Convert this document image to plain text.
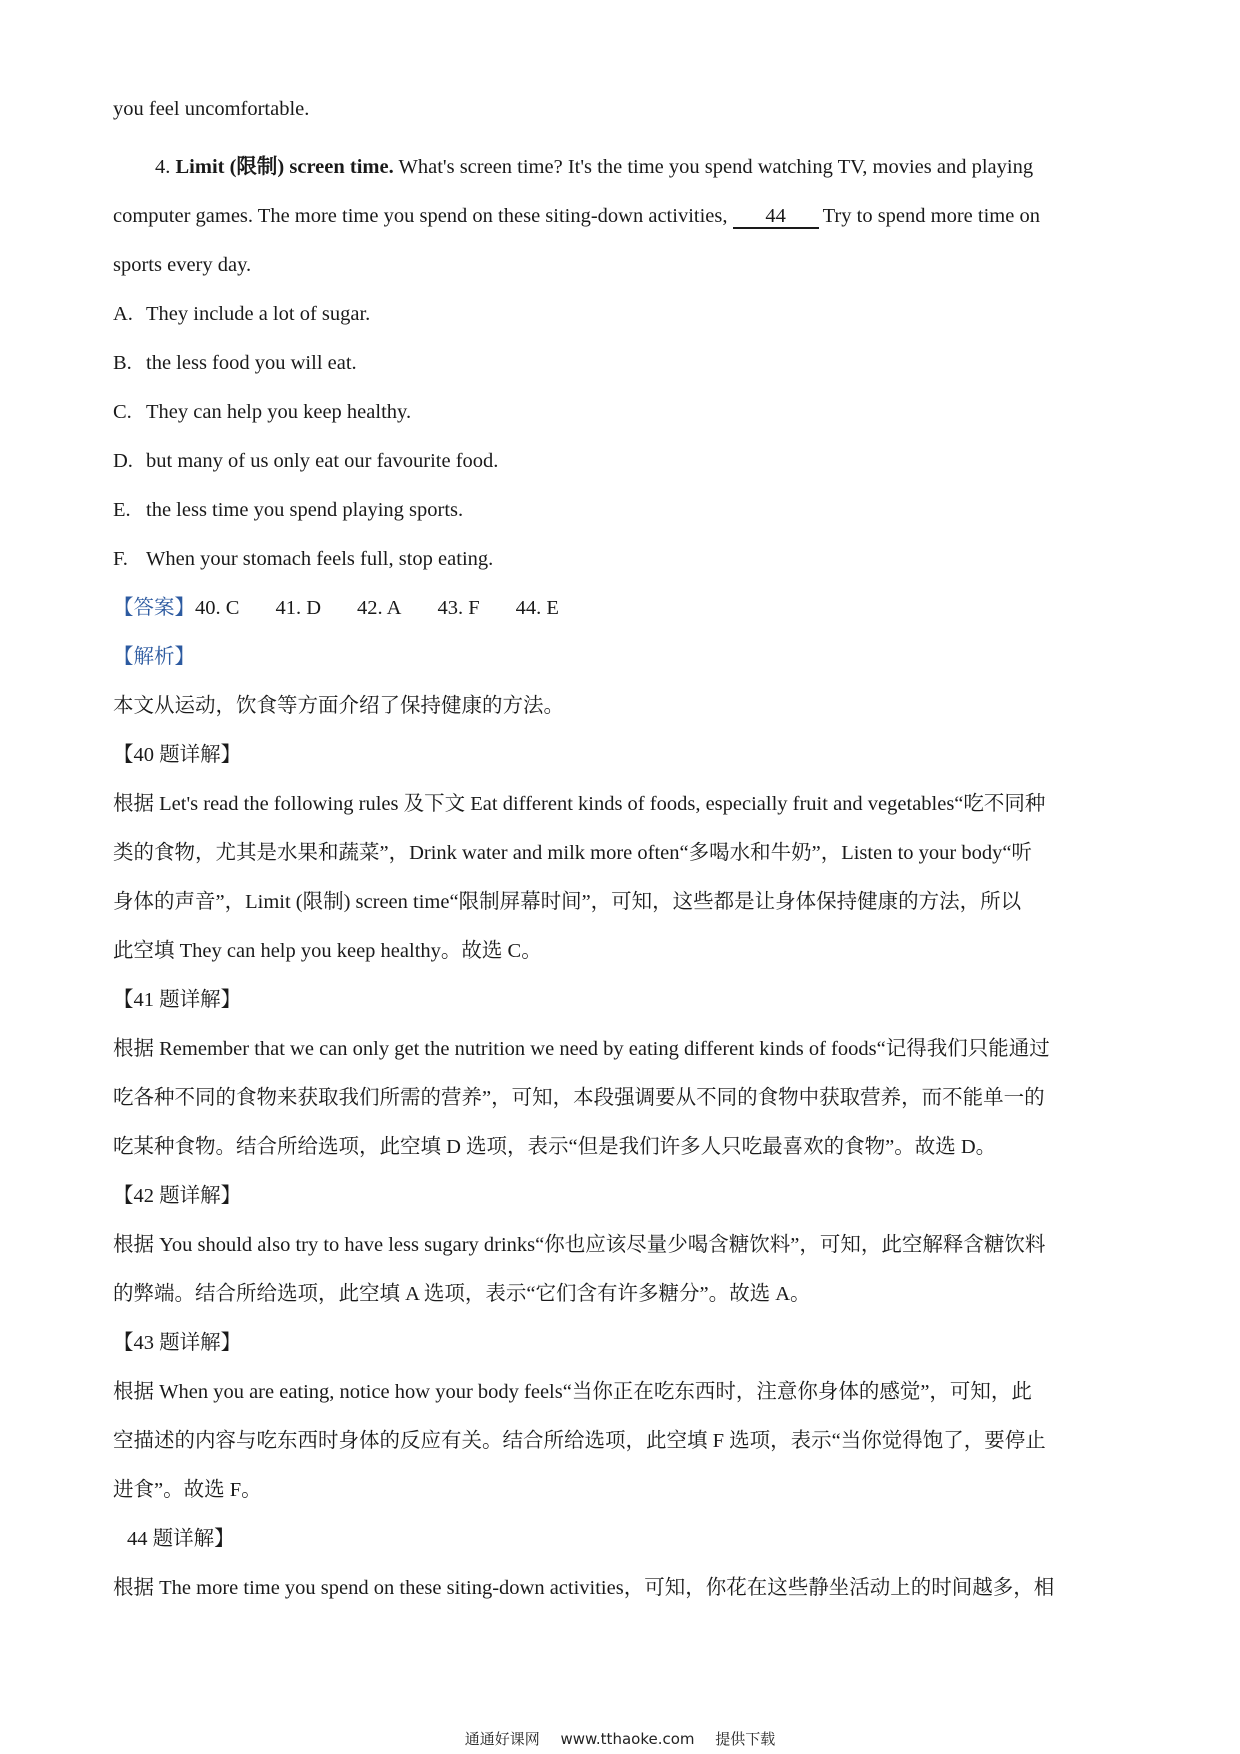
you feel uncomfortable.
4. Limit (限制) screen time. What's screen time? It's the time you spend watching TV, movies and playing
computer games. The more time you spend on these siting-down activities, 44 Try to spend more time on
sports every day.
A. They include a lot of sugar.
B. the less food you will eat.
C. They can help you keep healthy.
D. but many of us only eat our favourite food.
E. the less time you spend playing sports.
F. When your stomach feels full, stop eating.
【答案】40. C 41. D 42. A 43. F 44. E
【解析】
本文从运动，饮食等方面介绍了保持健康的方法。
【40 题详解】
根据 Let's read the following rules 及下文 Eat different kinds of foods, especially fruit and vegetables“吃不同种
类的食物，尤其是水果和蔬菜”，Drink water and milk more often“多喝水和牛奶”，Listen to your body“听
身体的声音”，Limit (限制) screen time“限制屏幕时间”，可知，这些都是让身体保持健康的方法，所以
此空填 They can help you keep healthy。故选 C。
【41 题详解】
根据 Remember that we can only get the nutrition we need by eating different kinds of foods“记得我们只能通过
吃各种不同的食物来获取我们所需的营养”，可知，本段强调要从不同的食物中获取营养，而不能单一的
吃某种食物。结合所给选项，此空填 D 选项，表示“但是我们许多人只吃最喜欢的食物”。故选 D。
【42 题详解】
根据 You should also try to have less sugary drinks“你也应该尽量少喝含糖饮料”，可知，此空解释含糖饮料
的弊端。结合所给选项，此空填 A 选项，表示“它们含有许多糖分”。故选 A。
【43 题详解】
根据 When you are eating, notice how your body feels“当你正在吃东西时，注意你身体的感觉”，可知，此
空描述的内容与吃东西时身体的反应有关。结合所给选项，此空填 F 选项，表示“当你觉得饱了，要停止
进食”。故选 F。
44 题详解】
根据 The more time you spend on these siting-down activities，可知，你花在这些静坐活动上的时间越多，相
通通好课网 www.tthaoke.com 提供下载
